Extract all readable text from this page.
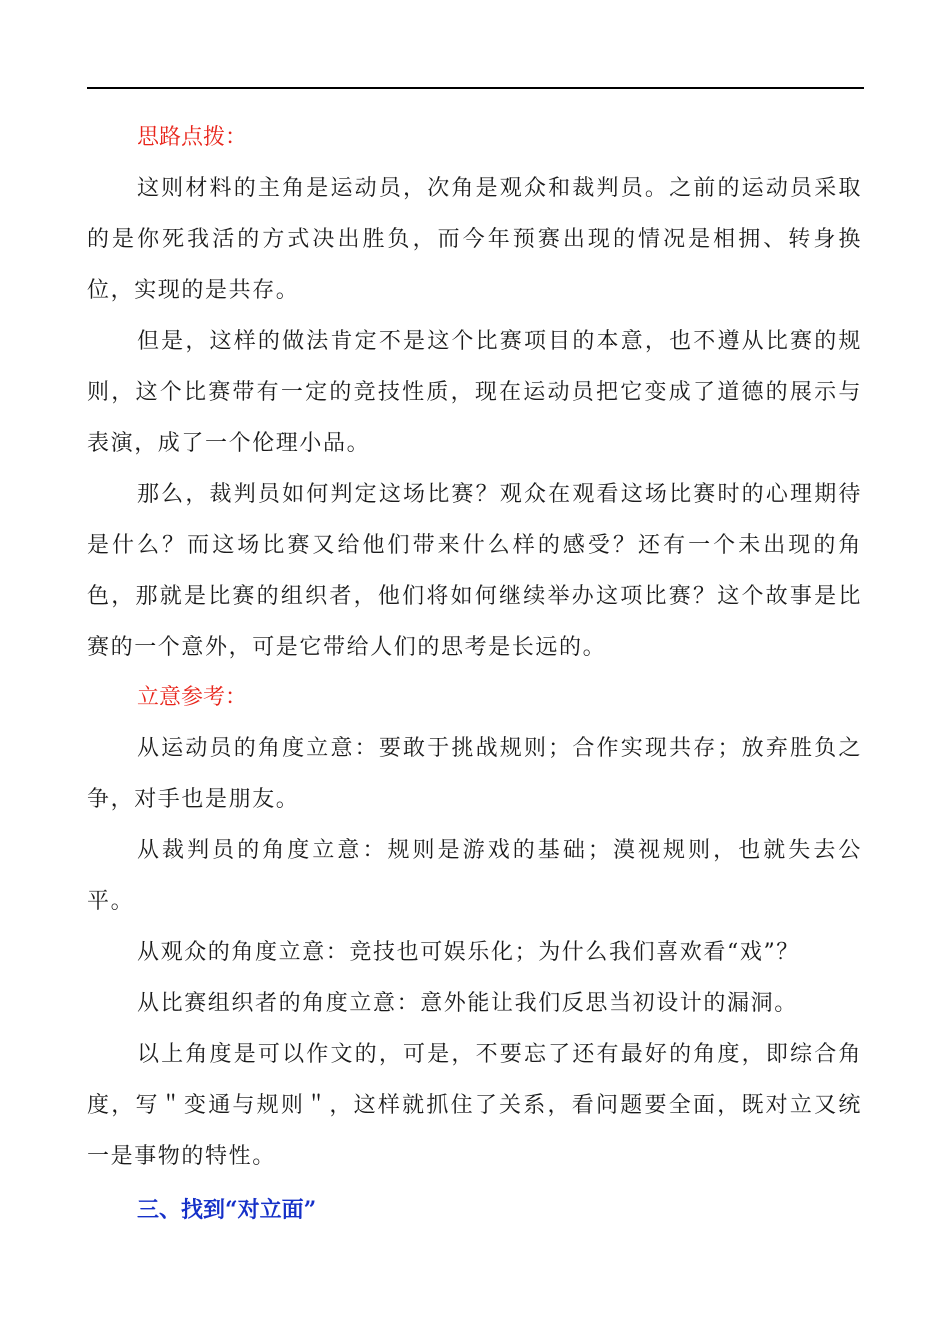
思路点拨：

这则材料的主角是运动员，次角是观众和裁判员。之前的运动员采取的是你死我活的方式决出胜负，而今年预赛出现的情况是相拥、转身换位，实现的是共存。

但是，这样的做法肯定不是这个比赛项目的本意，也不遵从比赛的规则，这个比赛带有一定的竞技性质，现在运动员把它变成了道德的展示与表演，成了一个伦理小品。

那么，裁判员如何判定这场比赛？观众在观看这场比赛时的心理期待是什么？而这场比赛又给他们带来什么样的感受？还有一个未出现的角色，那就是比赛的组织者，他们将如何继续举办这项比赛？这个故事是比赛的一个意外，可是它带给人们的思考是长远的。

立意参考：

从运动员的角度立意：要敢于挑战规则；合作实现共存；放弃胜负之争，对手也是朋友。

从裁判员的角度立意：规则是游戏的基础；漠视规则，也就失去公平。

从观众的角度立意：竞技也可娱乐化；为什么我们喜欢看“戏”？

从比赛组织者的角度立意：意外能让我们反思当初设计的漏洞。

以上角度是可以作文的，可是，不要忘了还有最好的角度，即综合角度，写＂变通与规则＂，这样就抓住了关系，看问题要全面，既对立又统一是事物的特性。

三、找到“对立面”
